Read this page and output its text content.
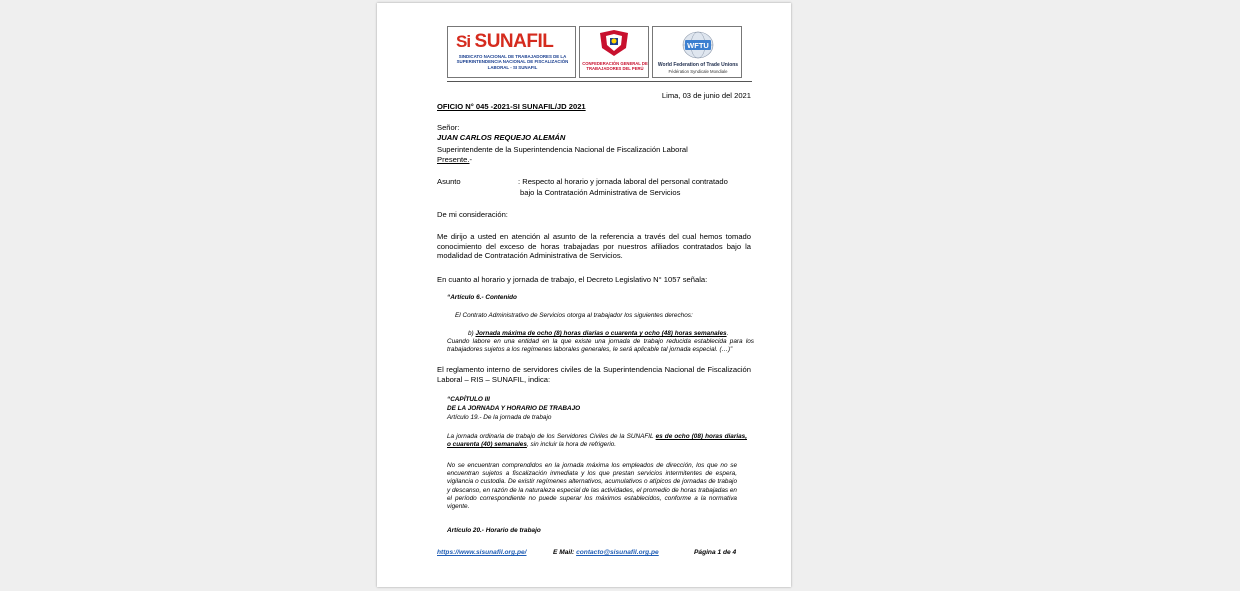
Si SUNAFIL
SINDICATO NACIONAL DE TRABAJADORES DE LA SUPERINTENDENCIA NACIONAL DE FISCALIZACIÓN LABORAL - SI SUNAFIL
CONFEDERACIÓN GENERAL DE TRABAJADORES DEL PERÚ
WFTU
World Federation of Trade Unions
Fédération Syndicale Mondiale
Lima, 03 de junio del 2021
OFICIO N° 045 -2021-SI SUNAFIL/JD 2021
Señor:
JUAN CARLOS REQUEJO ALEMÁN
Superintendente de la Superintendencia Nacional de Fiscalización Laboral
Presente.-
Asunto	: Respecto al horario y jornada laboral del personal contratado
bajo la Contratación Administrativa de Servicios
De mi consideración:
Me dirijo a usted en atención al asunto de la referencia a través del cual hemos tomado conocimiento del exceso de horas trabajadas por nuestros afiliados contratados bajo la modalidad de Contratación Administrativa de Servicios.
En cuanto al horario y jornada de trabajo, el Decreto Legislativo N° 1057 señala:
“Artículo 6.- Contenido
El Contrato Administrativo de Servicios otorga al trabajador los siguientes derechos:
b) Jornada máxima de ocho (8) horas diarias o cuarenta y ocho (48) horas semanales.
Cuando labore en una entidad en la que existe una jornada de trabajo reducida establecida para los trabajadores sujetos a los regímenes laborales generales, le será aplicable tal jornada especial. (…)”
El reglamento interno de servidores civiles de la Superintendencia Nacional de Fiscalización Laboral – RIS – SUNAFIL, indica:
“CAPÍTULO III
DE LA JORNADA Y HORARIO DE TRABAJO
Artículo 19.- De la jornada de trabajo
La jornada ordinaria de trabajo de los Servidores Civiles de la SUNAFIL es de ocho (08) horas diarias, o cuarenta (40) semanales, sin incluir la hora de refrigerio.
No se encuentran comprendidos en la jornada máxima los empleados de dirección, los que no se encuentran sujetos a fiscalización inmediata y los que prestan servicios intermitentes de espera, vigilancia o custodia. De existir regímenes alternativos, acumulativos o atípicos de jornadas de trabajo y descanso, en razón de la naturaleza especial de las actividades, el promedio de horas trabajadas en el período correspondiente no puede superar los máximos establecidos, conforme a la normativa vigente.
Artículo 20.- Horario de trabajo
https://www.sisunafil.org.pe/	E Mail: contacto@sisunafil.org.pe	Página 1 de 4
